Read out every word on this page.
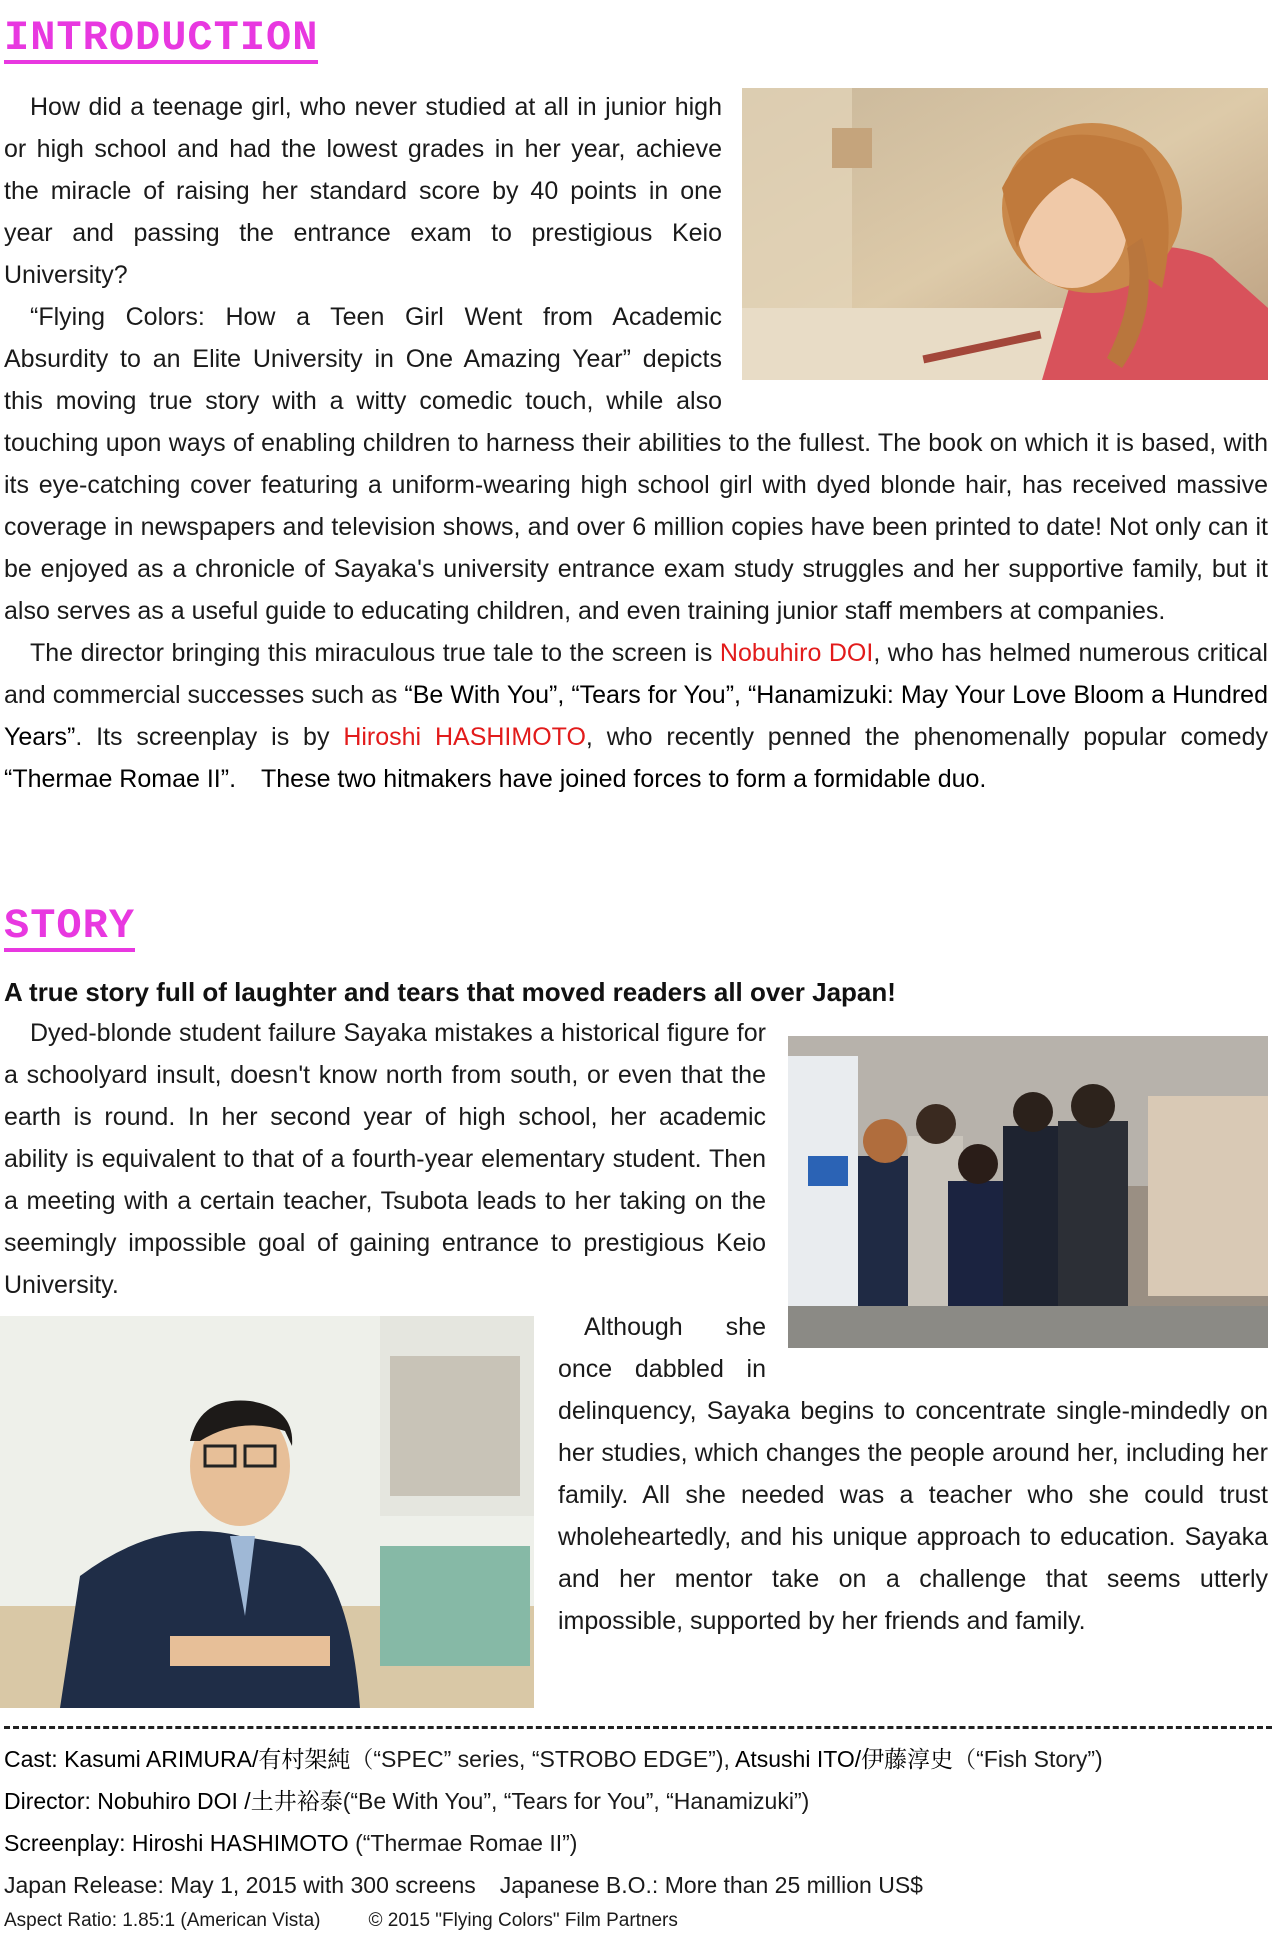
INTRODUCTION

How did a teenage girl, who never studied at all in junior high or high school and had the lowest grades in her year, achieve the miracle of raising her standard score by 40 points in one year and passing the entrance exam to prestigious Keio University?

“Flying Colors: How a Teen Girl Went from Academic Absurdity to an Elite University in One Amazing Year” depicts this moving true story with a witty comedic touch, while also touching upon ways of enabling children to harness their abilities to the fullest. The book on which it is based, with its eye-catching cover featuring a uniform-wearing high school girl with dyed blonde hair, has received massive coverage in newspapers and television shows, and over 6 million copies have been printed to date! Not only can it be enjoyed as a chronicle of Sayaka's university entrance exam study struggles and her supportive family, but it also serves as a useful guide to educating children, and even training junior staff members at companies.

The director bringing this miraculous true tale to the screen is Nobuhiro DOI, who has helmed numerous critical and commercial successes such as “Be With You”, “Tears for You”, “Hanamizuki: May Your Love Bloom a Hundred Years”. Its screenplay is by Hiroshi HASHIMOTO, who recently penned the phenomenally popular comedy “Thermae Romae II”.　These two hitmakers have joined forces to form a formidable duo.

STORY

A true story full of laughter and tears that moved readers all over Japan!

Dyed-blonde student failure Sayaka mistakes a historical figure for a schoolyard insult, doesn't know north from south, or even that the earth is round. In her second year of high school, her academic ability is equivalent to that of a fourth-year elementary student. Then a meeting with a certain teacher, Tsubota leads to her taking on the seemingly impossible goal of gaining entrance to prestigious Keio University.

Although she once dabbled in delinquency, Sayaka begins to concentrate single-mindedly on her studies, which changes the people around her, including her family. All she needed was a teacher who she could trust wholeheartedly, and his unique approach to education. Sayaka and her mentor take on a challenge that seems utterly impossible, supported by her friends and family.

Cast: Kasumi ARIMURA/有村架純（“SPEC” series, “STROBO EDGE”), Atsushi ITO/伊藤淳史（“Fish Story”)
Director: Nobuhiro DOI /土井裕泰(“Be With You”, “Tears for You”, “Hanamizuki”)
Screenplay: Hiroshi HASHIMOTO (“Thermae Romae II”)
Japan Release: May 1, 2015 with 300 screens Japanese B.O.: More than 25 million US$
Aspect Ratio: 1.85:1 (American Vista)	© 2015 "Flying Colors" Film Partners
